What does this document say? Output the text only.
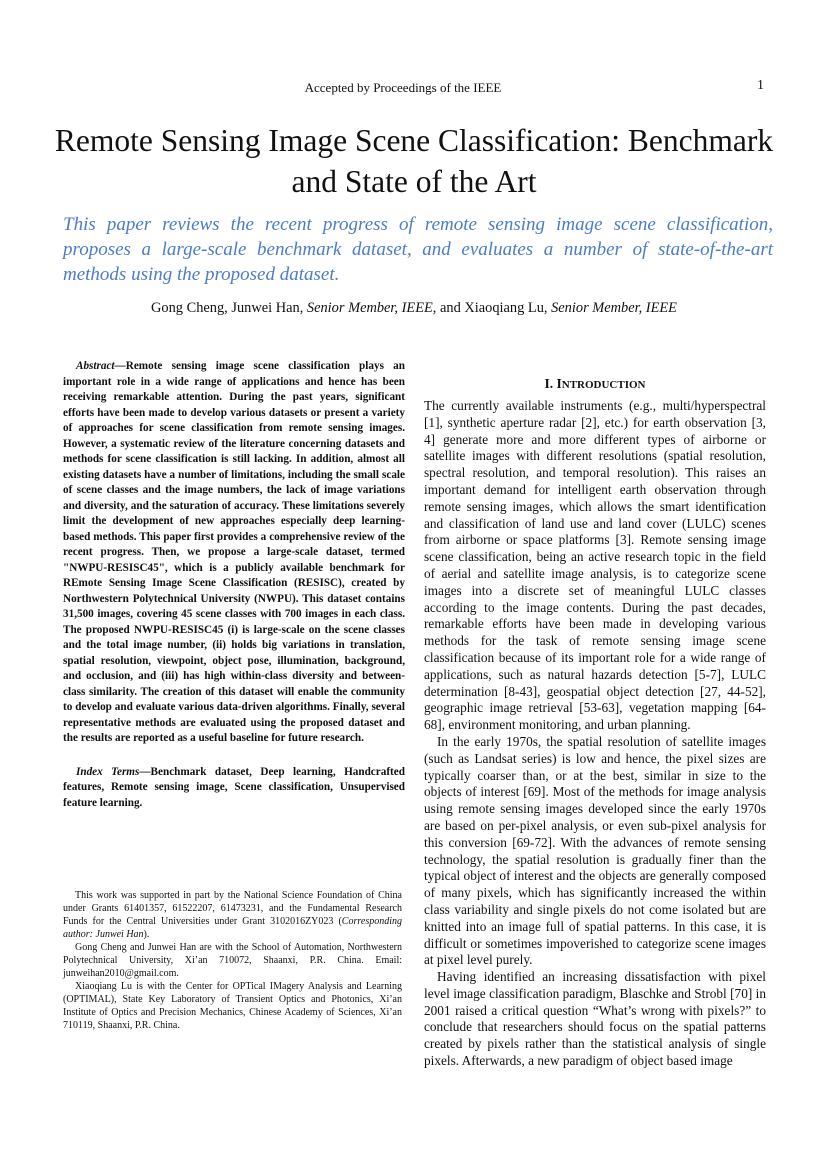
Accepted by Proceedings of the IEEE	1
Remote Sensing Image Scene Classification: Benchmark and State of the Art

This paper reviews the recent progress of remote sensing image scene classification, proposes a large-scale benchmark dataset, and evaluates a number of state-of-the-art methods using the proposed dataset.

Gong Cheng, Junwei Han, Senior Member, IEEE, and Xiaoqiang Lu, Senior Member, IEEE

Abstract—Remote sensing image scene classification plays an important role in a wide range of applications and hence has been receiving remarkable attention. During the past years, significant efforts have been made to develop various datasets or present a variety of approaches for scene classification from remote sensing images. However, a systematic review of the literature concerning datasets and methods for scene classification is still lacking. In addition, almost all existing datasets have a number of limitations, including the small scale of scene classes and the image numbers, the lack of image variations and diversity, and the saturation of accuracy. These limitations severely limit the development of new approaches especially deep learning-based methods. This paper first provides a comprehensive review of the recent progress. Then, we propose a large-scale dataset, termed "NWPU-RESISC45", which is a publicly available benchmark for REmote Sensing Image Scene Classification (RESISC), created by Northwestern Polytechnical University (NWPU). This dataset contains 31,500 images, covering 45 scene classes with 700 images in each class. The proposed NWPU-RESISC45 (i) is large-scale on the scene classes and the total image number, (ii) holds big variations in translation, spatial resolution, viewpoint, object pose, illumination, background, and occlusion, and (iii) has high within-class diversity and between-class similarity. The creation of this dataset will enable the community to develop and evaluate various data-driven algorithms. Finally, several representative methods are evaluated using the proposed dataset and the results are reported as a useful baseline for future research.

Index Terms—Benchmark dataset, Deep learning, Handcrafted features, Remote sensing image, Scene classification, Unsupervised feature learning.

This work was supported in part by the National Science Foundation of China under Grants 61401357, 61522207, 61473231, and the Fundamental Research Funds for the Central Universities under Grant 3102016ZY023 (Corresponding author: Junwei Han).

Gong Cheng and Junwei Han are with the School of Automation, Northwestern Polytechnical University, Xi’an 710072, Shaanxi, P.R. China. Email: junweihan2010@gmail.com.

Xiaoqiang Lu is with the Center for OPTical IMagery Analysis and Learning (OPTIMAL), State Key Laboratory of Transient Optics and Photonics, Xi’an Institute of Optics and Precision Mechanics, Chinese Academy of Sciences, Xi’an 710119, Shaanxi, P.R. China.

I. INTRODUCTION

The currently available instruments (e.g., multi/hyperspectral [1], synthetic aperture radar [2], etc.) for earth observation [3, 4] generate more and more different types of airborne or satellite images with different resolutions (spatial resolution, spectral resolution, and temporal resolution). This raises an important demand for intelligent earth observation through remote sensing images, which allows the smart identification and classification of land use and land cover (LULC) scenes from airborne or space platforms [3]. Remote sensing image scene classification, being an active research topic in the field of aerial and satellite image analysis, is to categorize scene images into a discrete set of meaningful LULC classes according to the image contents. During the past decades, remarkable efforts have been made in developing various methods for the task of remote sensing image scene classification because of its important role for a wide range of applications, such as natural hazards detection [5-7], LULC determination [8-43], geospatial object detection [27, 44-52], geographic image retrieval [53-63], vegetation mapping [64-68], environment monitoring, and urban planning.

In the early 1970s, the spatial resolution of satellite images (such as Landsat series) is low and hence, the pixel sizes are typically coarser than, or at the best, similar in size to the objects of interest [69]. Most of the methods for image analysis using remote sensing images developed since the early 1970s are based on per-pixel analysis, or even sub-pixel analysis for this conversion [69-72]. With the advances of remote sensing technology, the spatial resolution is gradually finer than the typical object of interest and the objects are generally composed of many pixels, which has significantly increased the within class variability and single pixels do not come isolated but are knitted into an image full of spatial patterns. In this case, it is difficult or sometimes impoverished to categorize scene images at pixel level purely.

Having identified an increasing dissatisfaction with pixel level image classification paradigm, Blaschke and Strobl [70] in 2001 raised a critical question “What’s wrong with pixels?” to conclude that researchers should focus on the spatial patterns created by pixels rather than the statistical analysis of single pixels. Afterwards, a new paradigm of object based image
